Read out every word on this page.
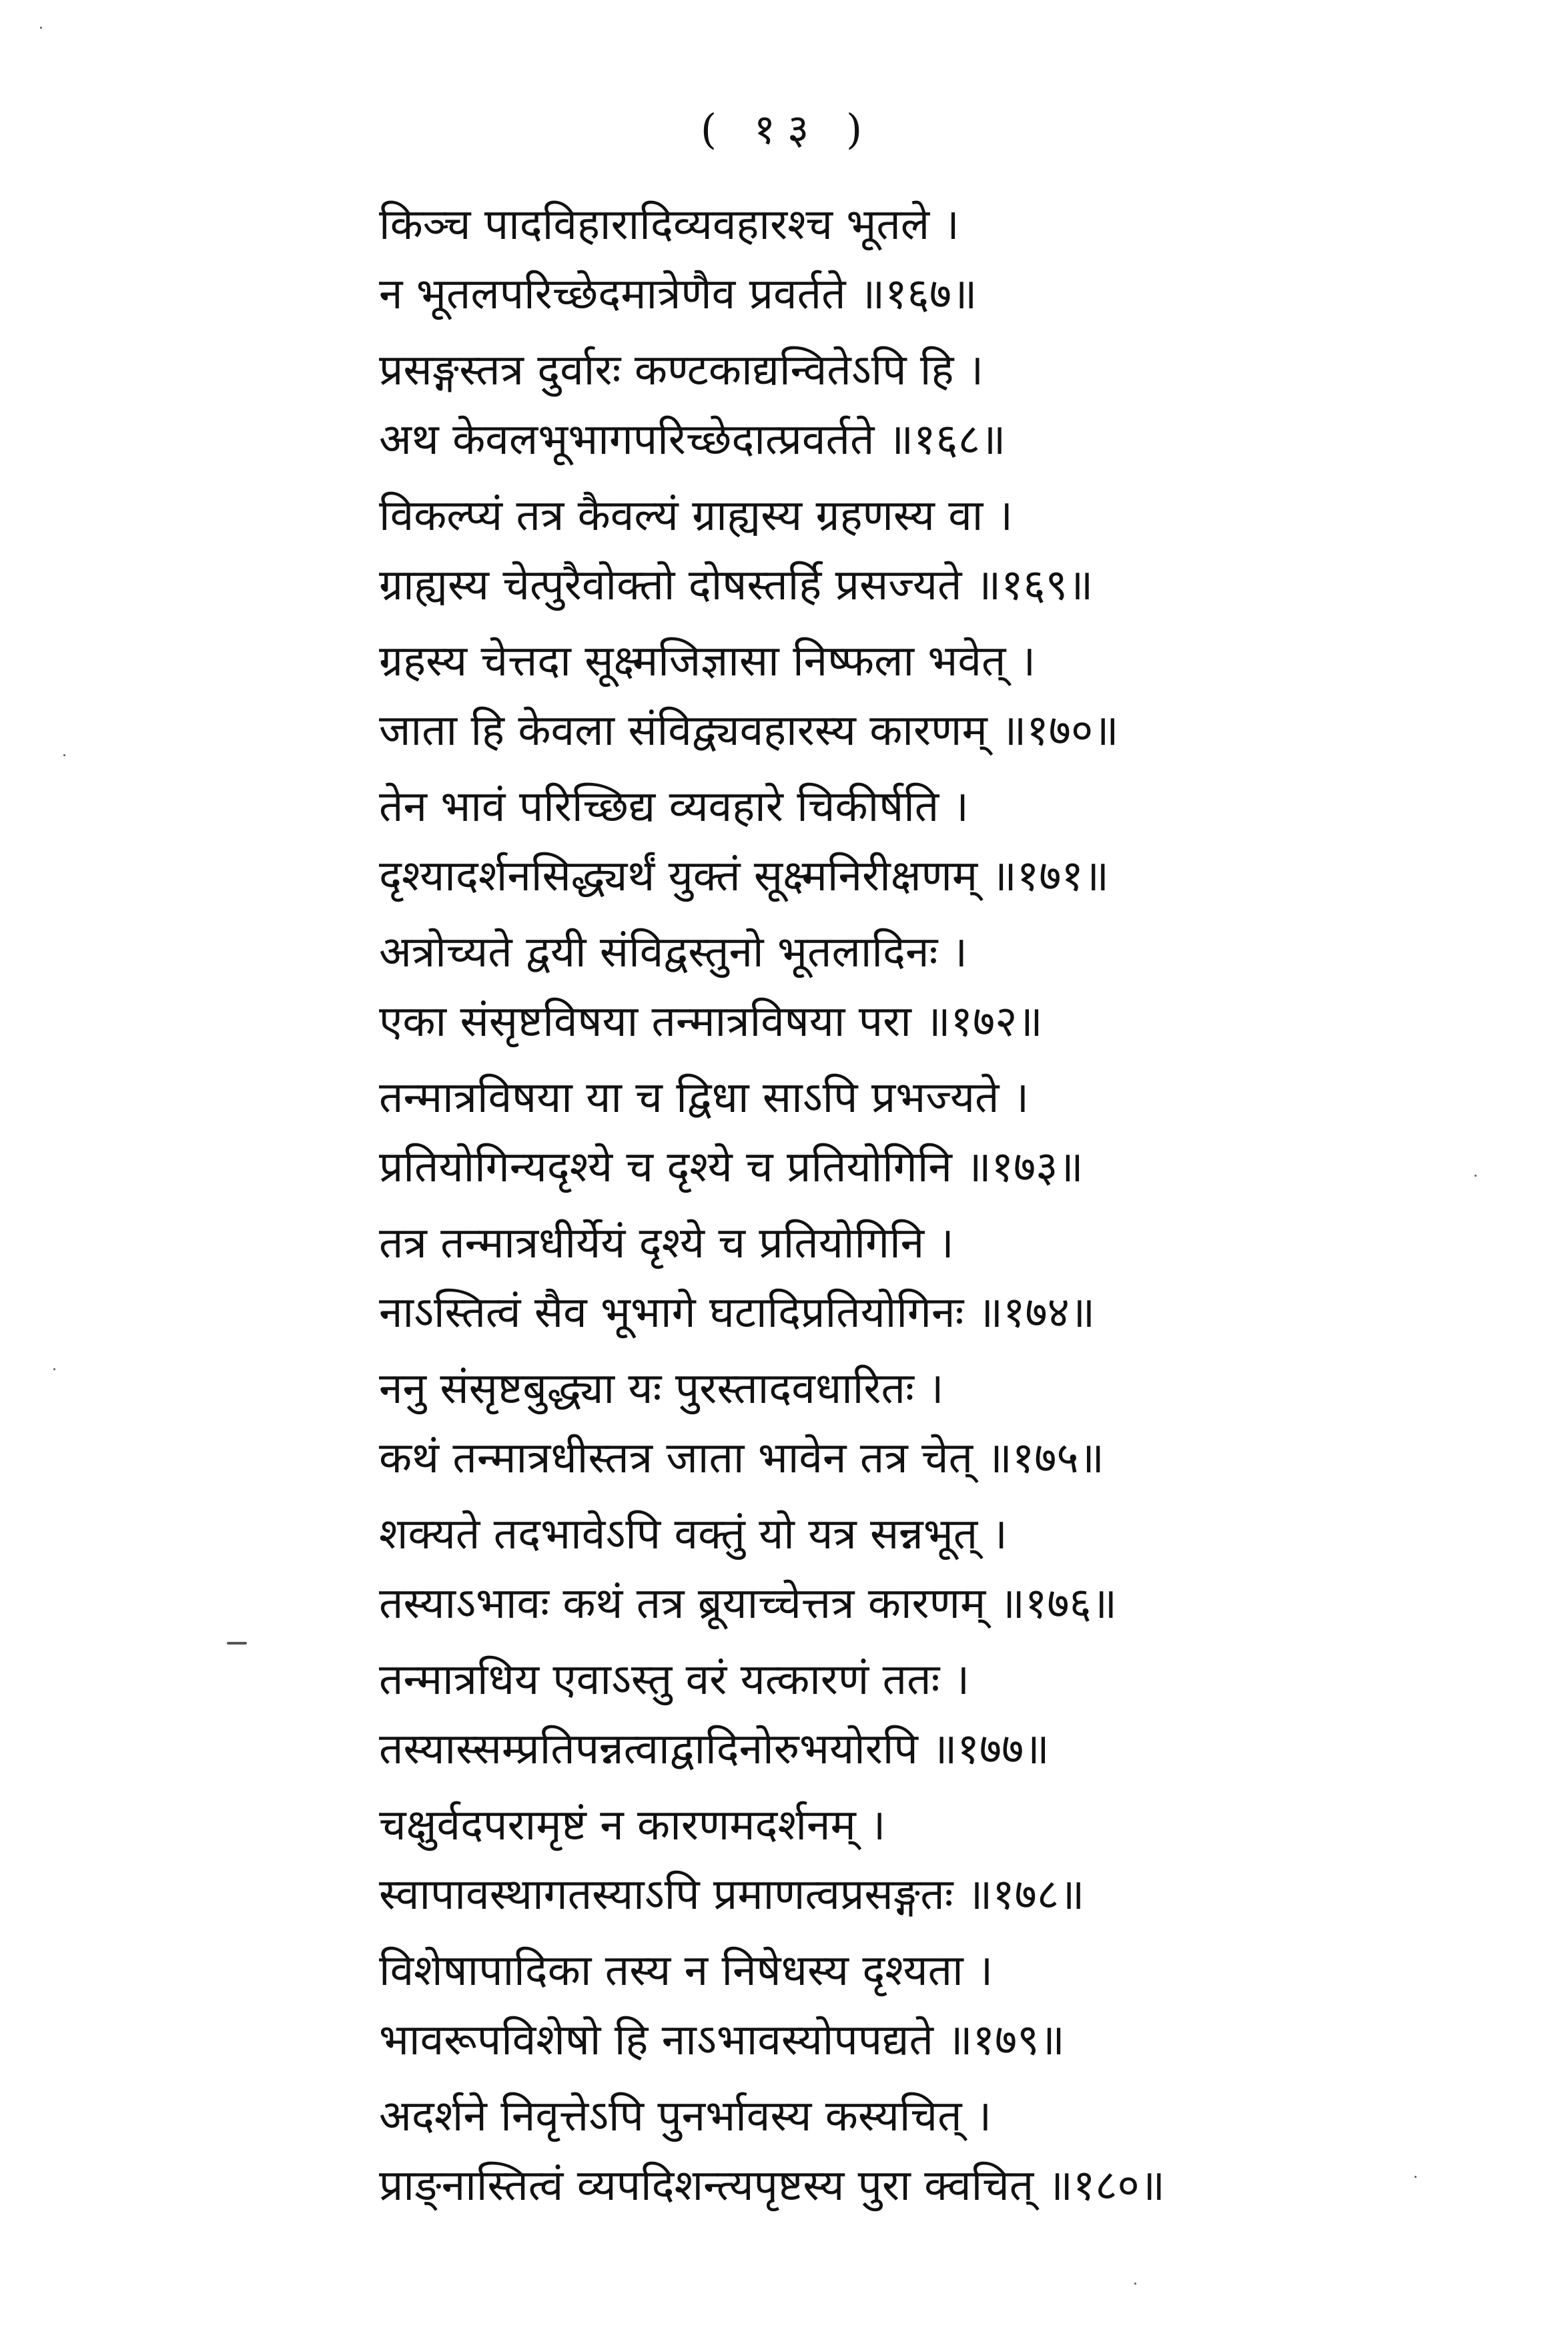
( १३ )
किञ्च पादविहारादिव्यवहारश्च भूतले ।
न भूतलपरिच्छेदमात्रेणैव प्रवर्तते ॥१६७॥
प्रसङ्गस्तत्र दुर्वारः कण्टकाद्यन्वितेऽपि हि ।
अथ केवलभूभागपरिच्छेदात्प्रवर्तते ॥१६८॥
विकल्प्यं तत्र कैवल्यं ग्राह्यस्य ग्रहणस्य वा ।
ग्राह्यस्य चेत्पुरैवोक्तो दोषस्तर्हि प्रसज्यते ॥१६९॥
ग्रहस्य चेत्तदा सूक्ष्मजिज्ञासा निष्फला भवेत् ।
जाता हि केवला संविद्व्यवहारस्य कारणम् ॥१७०॥
तेन भावं परिच्छिद्य व्यवहारे चिकीर्षति ।
दृश्यादर्शनसिद्ध्यर्थं युक्तं सूक्ष्मनिरीक्षणम् ॥१७१॥
अत्रोच्यते द्वयी संविद्वस्तुनो भूतलादिनः ।
एका संसृष्टविषया तन्मात्रविषया परा ॥१७२॥
तन्मात्रविषया या च द्विधा साऽपि प्रभज्यते ।
प्रतियोगिन्यदृश्ये च दृश्ये च प्रतियोगिनि ॥१७३॥
तत्र तन्मात्रधीर्येयं दृश्ये च प्रतियोगिनि ।
नाऽस्तित्वं सैव भूभागे घटादिप्रतियोगिनः ॥१७४॥
ननु संसृष्टबुद्ध्या यः पुरस्तादवधारितः ।
कथं तन्मात्रधीस्तत्र जाता भावेन तत्र चेत् ॥१७५॥
शक्यते तदभावेऽपि वक्तुं यो यत्र सन्नभूत् ।
तस्याऽभावः कथं तत्र ब्रूयाच्चेत्तत्र कारणम् ॥१७६॥
तन्मात्रधिय एवाऽस्तु वरं यत्कारणं ततः ।
तस्यास्सम्प्रतिपन्नत्वाद्वादिनोरुभयोरपि ॥१७७॥
चक्षुर्वदपरामृष्टं न कारणमदर्शनम् ।
स्वापावस्थागतस्याऽपि प्रमाणत्वप्रसङ्गतः ॥१७८॥
विशेषापादिका तस्य न निषेधस्य दृश्यता ।
भावरूपविशेषो हि नाऽभावस्योपपद्यते ॥१७९॥
अदर्शने निवृत्तेऽपि पुनर्भावस्य कस्यचित् ।
प्राङ्नास्तित्वं व्यपदिशन्त्यपृष्टस्य पुरा क्वचित् ॥१८०॥
